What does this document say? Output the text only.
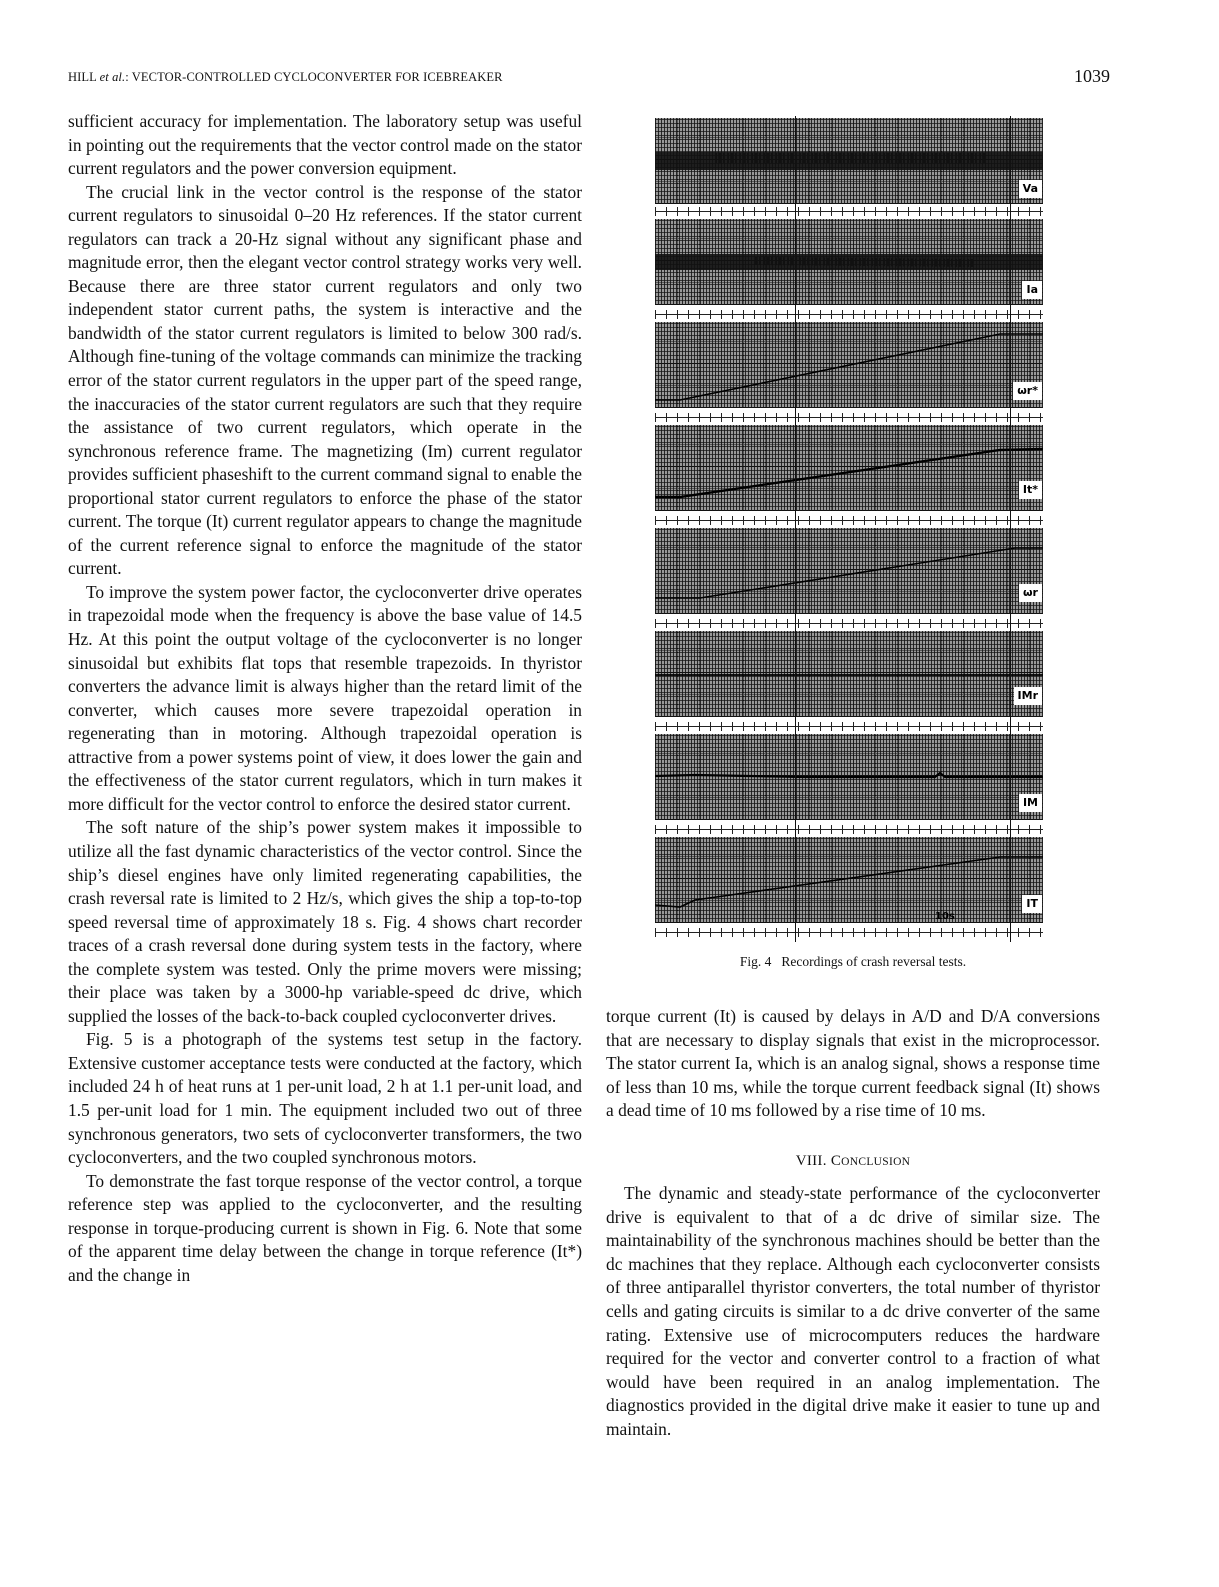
HILL et al.: VECTOR-CONTROLLED CYCLOCONVERTER FOR ICEBREAKER	1039

sufficient accuracy for implementation. The laboratory setup was useful in pointing out the requirements that the vector control made on the stator current regulators and the power conversion equipment.

The crucial link in the vector control is the response of the stator current regulators to sinusoidal 0–20 Hz references. If the stator current regulators can track a 20-Hz signal without any significant phase and magnitude error, then the elegant vector control strategy works very well. Because there are three stator current regulators and only two independent stator current paths, the system is interactive and the bandwidth of the stator current regulators is limited to below 300 rad/s. Although fine-tuning of the voltage commands can minimize the tracking error of the stator current regulators in the upper part of the speed range, the inaccuracies of the stator current regulators are such that they require the assistance of two current regulators, which operate in the synchronous reference frame. The magnetizing (Im) current regulator provides sufficient phaseshift to the current command signal to enable the proportional stator current regulators to enforce the phase of the stator current. The torque (It) current regulator appears to change the magnitude of the current reference signal to enforce the magnitude of the stator current.

To improve the system power factor, the cycloconverter drive operates in trapezoidal mode when the frequency is above the base value of 14.5 Hz. At this point the output voltage of the cycloconverter is no longer sinusoidal but exhibits flat tops that resemble trapezoids. In thyristor converters the advance limit is always higher than the retard limit of the converter, which causes more severe trapezoidal operation in regenerating than in motoring. Although trapezoidal operation is attractive from a power systems point of view, it does lower the gain and the effectiveness of the stator current regulators, which in turn makes it more difficult for the vector control to enforce the desired stator current.

The soft nature of the ship’s power system makes it impossible to utilize all the fast dynamic characteristics of the vector control. Since the ship’s diesel engines have only limited regenerating capabilities, the crash reversal rate is limited to 2 Hz/s, which gives the ship a top-to-top speed reversal time of approximately 18 s. Fig. 4 shows chart recorder traces of a crash reversal done during system tests in the factory, where the complete system was tested. Only the prime movers were missing; their place was taken by a 3000-hp variable-speed dc drive, which supplied the losses of the back-to-back coupled cycloconverter drives.

Fig. 5 is a photograph of the systems test setup in the factory. Extensive customer acceptance tests were conducted at the factory, which included 24 h of heat runs at 1 per-unit load, 2 h at 1.1 per-unit load, and 1.5 per-unit load for 1 min. The equipment included two out of three synchronous generators, two sets of cycloconverter transformers, the two cycloconverters, and the two coupled synchronous motors.

To demonstrate the fast torque response of the vector control, a torque reference step was applied to the cycloconverter, and the resulting response in torque-producing current is shown in Fig. 6. Note that some of the apparent time delay between the change in torque reference (It*) and the change in

Va
Ia
ωr*
It*
ωr
IMr
IM
10s
IT
Fig. 4 Recordings of crash reversal tests.

torque current (It) is caused by delays in A/D and D/A conversions that are necessary to display signals that exist in the microprocessor. The stator current Ia, which is an analog signal, shows a response time of less than 10 ms, while the torque current feedback signal (It) shows a dead time of 10 ms followed by a rise time of 10 ms.

VIII. CONCLUSION

The dynamic and steady-state performance of the cycloconverter drive is equivalent to that of a dc drive of similar size. The maintainability of the synchronous machines should be better than the dc machines that they replace. Although each cycloconverter consists of three antiparallel thyristor converters, the total number of thyristor cells and gating circuits is similar to a dc drive converter of the same rating. Extensive use of microcomputers reduces the hardware required for the vector and converter control to a fraction of what would have been required in an analog implementation. The diagnostics provided in the digital drive make it easier to tune up and maintain.
